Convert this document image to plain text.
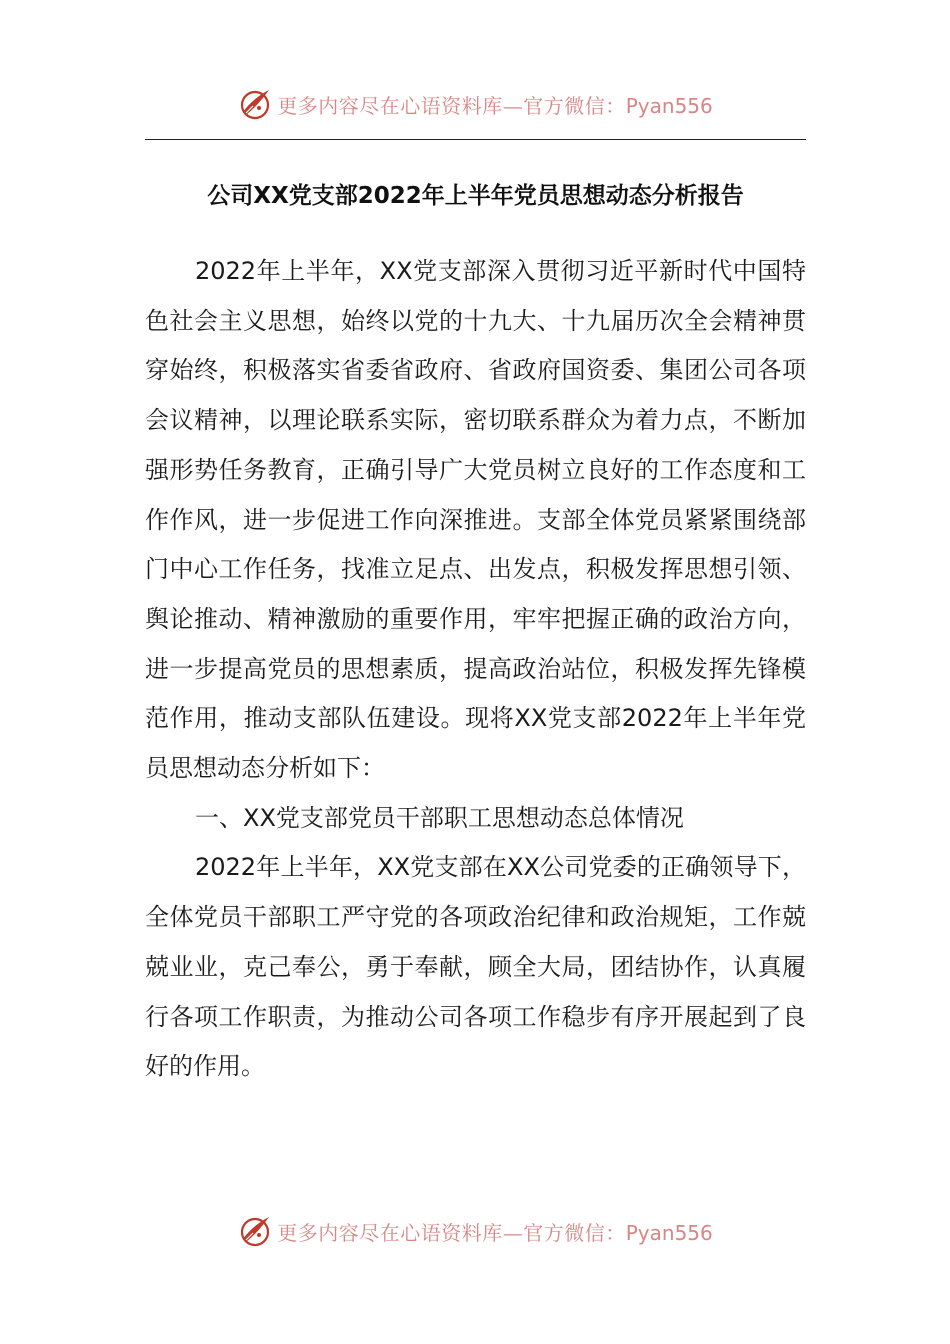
更多内容尽在心语资料库—官方微信：Pyan556
公司XX党支部2022年上半年党员思想动态分析报告

2022年上半年，XX党支部深入贯彻习近平新时代中国特色社会主义思想，始终以党的十九大、十九届历次全会精神贯穿始终，积极落实省委省政府、省政府国资委、集团公司各项会议精神，以理论联系实际，密切联系群众为着力点，不断加强形势任务教育，正确引导广大党员树立良好的工作态度和工作作风，进一步促进工作向深推进。支部全体党员紧紧围绕部门中心工作任务，找准立足点、出发点，积极发挥思想引领、舆论推动、精神激励的重要作用，牢牢把握正确的政治方向，进一步提高党员的思想素质，提高政治站位，积极发挥先锋模范作用，推动支部队伍建设。现将XX党支部2022年上半年党员思想动态分析如下：

一、XX党支部党员干部职工思想动态总体情况

2022年上半年，XX党支部在XX公司党委的正确领导下，全体党员干部职工严守党的各项政治纪律和政治规矩，工作兢兢业业，克己奉公，勇于奉献，顾全大局，团结协作，认真履行各项工作职责，为推动公司各项工作稳步有序开展起到了良好的作用。

更多内容尽在心语资料库—官方微信：Pyan556
